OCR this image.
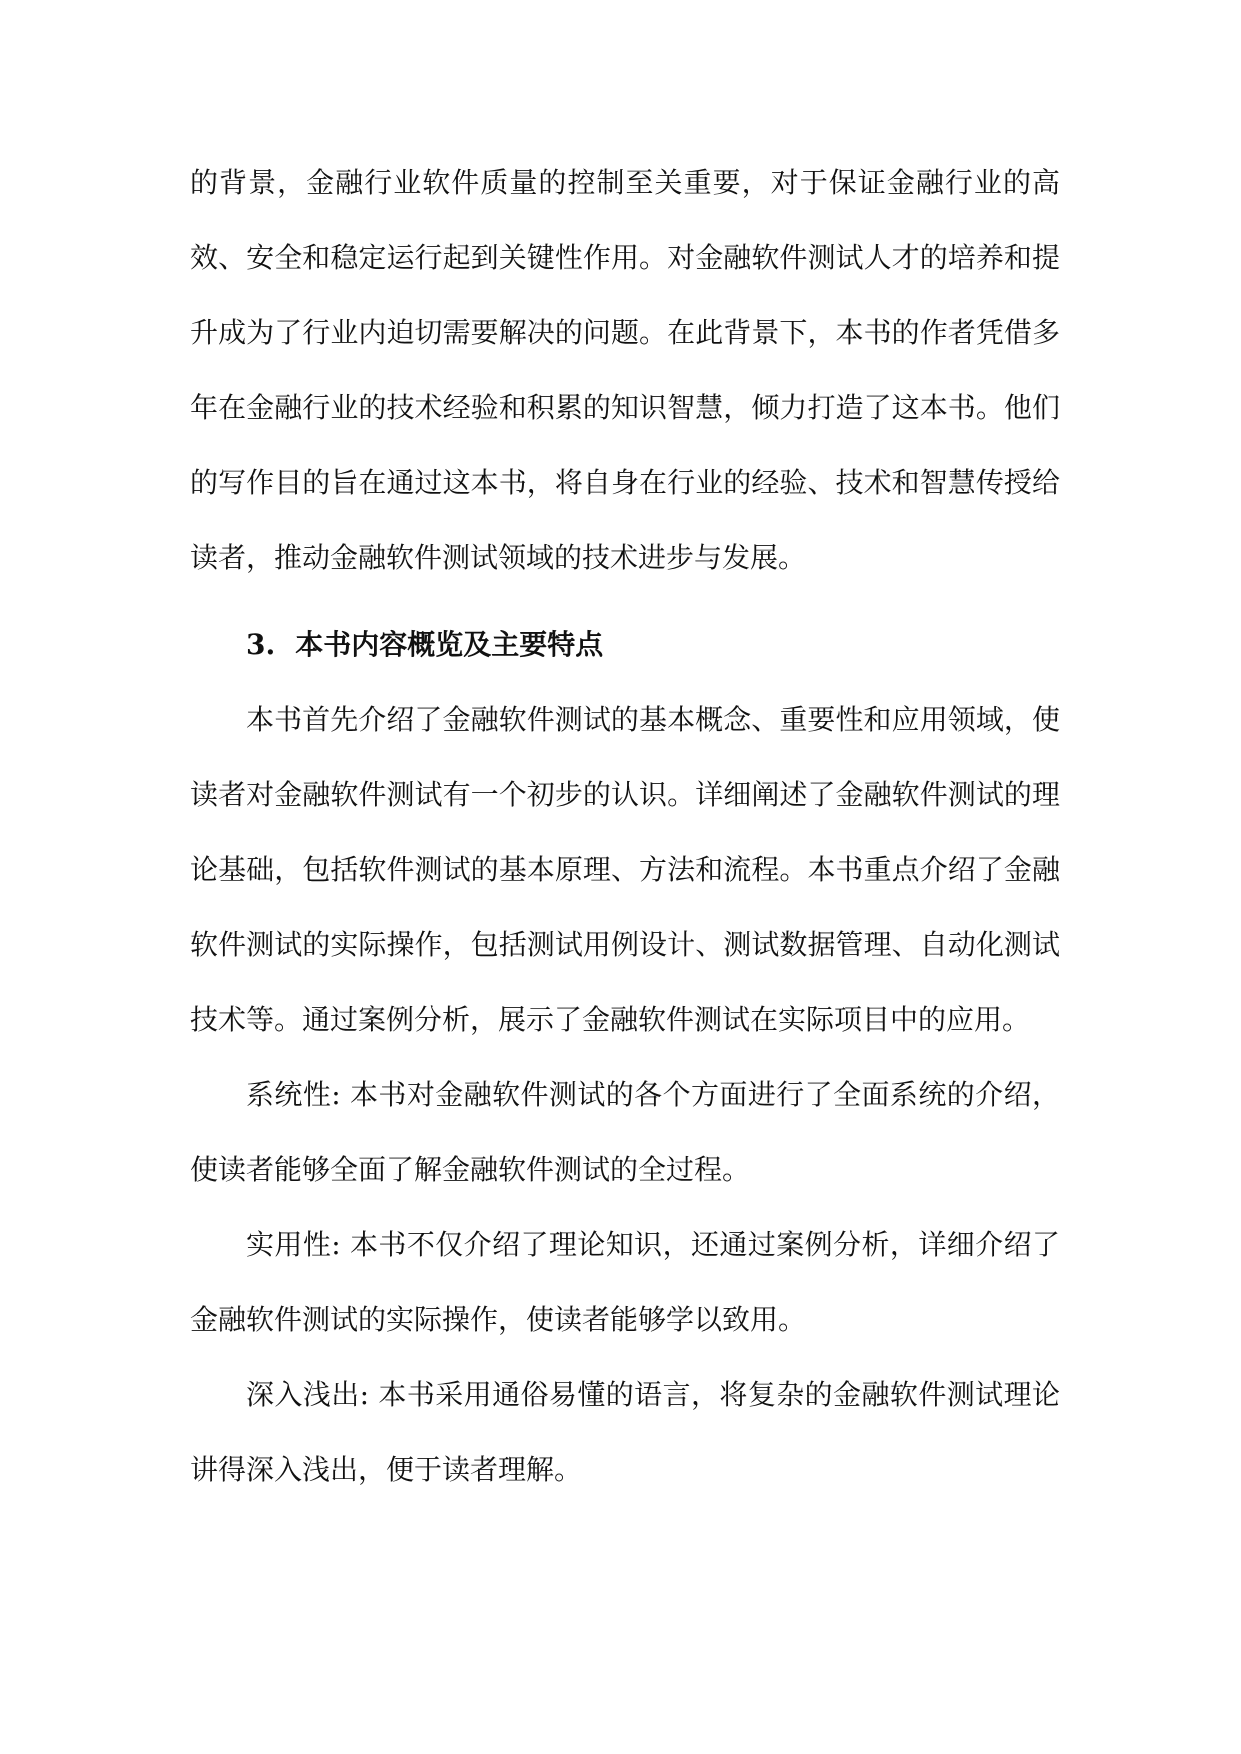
的背景，金融行业软件质量的控制至关重要，对于保证金融行业的高效、安全和稳定运行起到关键性作用。对金融软件测试人才的培养和提升成为了行业内迫切需要解决的问题。在此背景下，本书的作者凭借多年在金融行业的技术经验和积累的知识智慧，倾力打造了这本书。他们的写作目的旨在通过这本书，将自身在行业的经验、技术和智慧传授给读者，推动金融软件测试领域的技术进步与发展。

3. 本书内容概览及主要特点

本书首先介绍了金融软件测试的基本概念、重要性和应用领域，使读者对金融软件测试有一个初步的认识。详细阐述了金融软件测试的理论基础，包括软件测试的基本原理、方法和流程。本书重点介绍了金融软件测试的实际操作，包括测试用例设计、测试数据管理、自动化测试技术等。通过案例分析，展示了金融软件测试在实际项目中的应用。

系统性: 本书对金融软件测试的各个方面进行了全面系统的介绍，使读者能够全面了解金融软件测试的全过程。

实用性: 本书不仅介绍了理论知识，还通过案例分析，详细介绍了金融软件测试的实际操作，使读者能够学以致用。

深入浅出: 本书采用通俗易懂的语言，将复杂的金融软件测试理论讲得深入浅出，便于读者理解。
